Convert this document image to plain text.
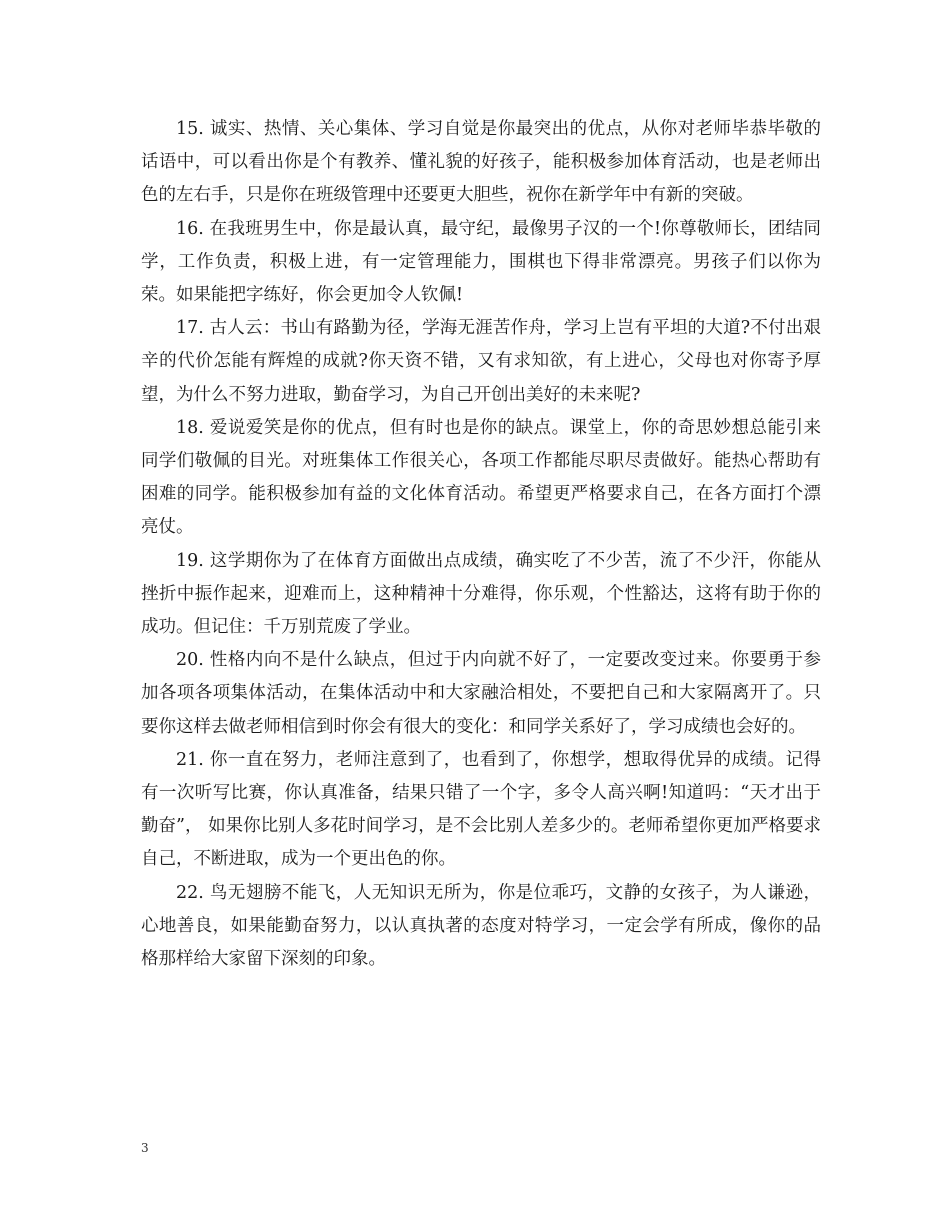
15. 诚实、热情、关心集体、学习自觉是你最突出的优点，从你对老师毕恭毕敬的话语中，可以看出你是个有教养、懂礼貌的好孩子，能积极参加体育活动，也是老师出色的左右手，只是你在班级管理中还要更大胆些，祝你在新学年中有新的突破。

16. 在我班男生中，你是最认真，最守纪，最像男子汉的一个!你尊敬师长，团结同学，工作负责，积极上进，有一定管理能力，围棋也下得非常漂亮。男孩子们以你为荣。如果能把字练好，你会更加令人钦佩!

17. 古人云：书山有路勤为径，学海无涯苦作舟，学习上岂有平坦的大道?不付出艰辛的代价怎能有辉煌的成就?你天资不错，又有求知欲，有上进心，父母也对你寄予厚望，为什么不努力进取，勤奋学习，为自己开创出美好的未来呢?

18. 爱说爱笑是你的优点，但有时也是你的缺点。课堂上，你的奇思妙想总能引来同学们敬佩的目光。对班集体工作很关心，各项工作都能尽职尽责做好。能热心帮助有困难的同学。能积极参加有益的文化体育活动。希望更严格要求自己，在各方面打个漂亮仗。

19. 这学期你为了在体育方面做出点成绩，确实吃了不少苦，流了不少汗，你能从挫折中振作起来，迎难而上，这种精神十分难得，你乐观，个性豁达，这将有助于你的成功。但记住：千万别荒废了学业。

20. 性格内向不是什么缺点，但过于内向就不好了，一定要改变过来。你要勇于参加各项各项集体活动，在集体活动中和大家融洽相处，不要把自己和大家隔离开了。只要你这样去做老师相信到时你会有很大的变化：和同学关系好了，学习成绩也会好的。

21. 你一直在努力，老师注意到了，也看到了，你想学，想取得优异的成绩。记得有一次听写比赛，你认真准备，结果只错了一个字，多令人高兴啊!知道吗：“天才出于勤奋”， 如果你比别人多花时间学习，是不会比别人差多少的。老师希望你更加严格要求自己，不断进取，成为一个更出色的你。

22. 鸟无翅膀不能飞，人无知识无所为，你是位乖巧，文静的女孩子，为人谦逊，心地善良，如果能勤奋努力，以认真执著的态度对特学习，一定会学有所成，像你的品格那样给大家留下深刻的印象。

3
